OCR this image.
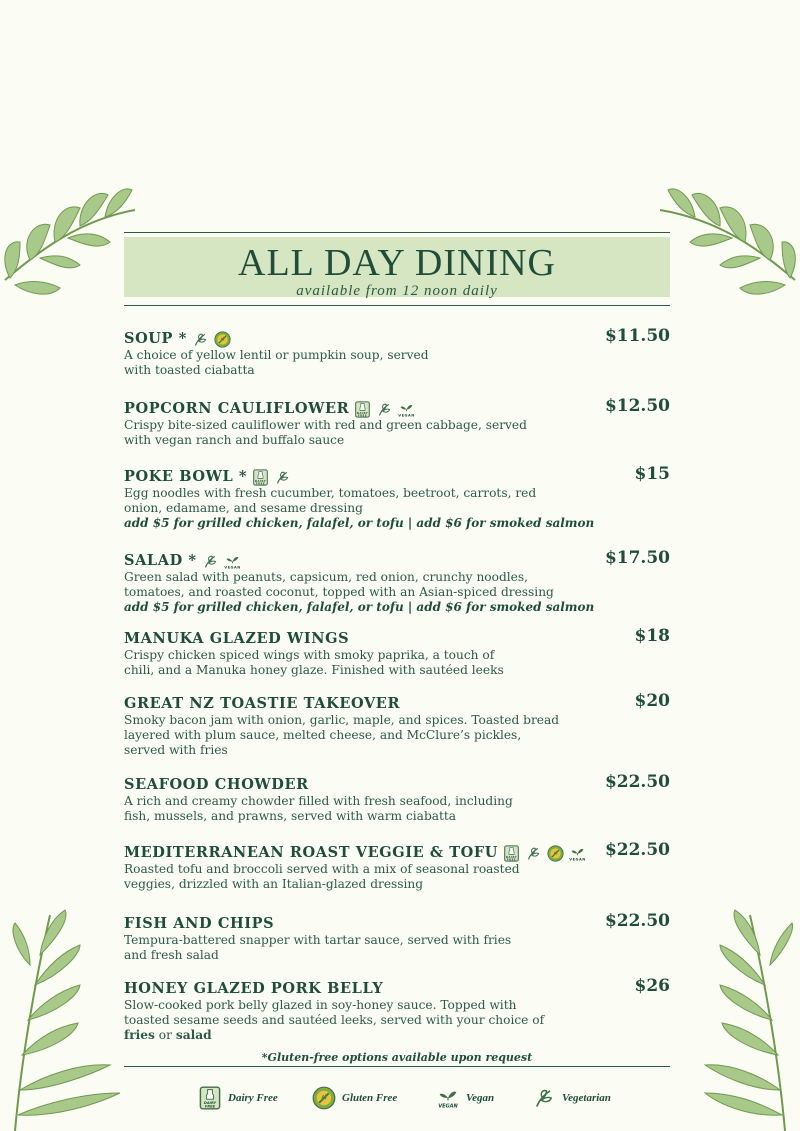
ALL DAY DINING
available from 12 noon daily
SOUP *
A choice of yellow lentil or pumpkin soup, served
with toasted ciabatta
$11.50
POPCORN CAULIFLOWER	DAIRY
FREE	VEGAN
Crispy bite-sized cauliflower with red and green cabbage, served
with vegan ranch and buffalo sauce
$12.50
POKE BOWL *	DAIRY
FREE
Egg noodles with fresh cucumber, tomatoes, beetroot, carrots, red
onion, edamame, and sesame dressing
add $5 for grilled chicken, falafel, or tofu | add $6 for smoked salmon
$15
SALAD *	VEGAN
Green salad with peanuts, capsicum, red onion, crunchy noodles,
tomatoes, and roasted coconut, topped with an Asian-spiced dressing
add $5 for grilled chicken, falafel, or tofu | add $6 for smoked salmon
$17.50
MANUKA GLAZED WINGS
Crispy chicken spiced wings with smoky paprika, a touch of
chili, and a Manuka honey glaze. Finished with sautéed leeks
$18
GREAT NZ TOASTIE TAKEOVER
Smoky bacon jam with onion, garlic, maple, and spices. Toasted bread
layered with plum sauce, melted cheese, and McClure’s pickles,
served with fries
$20
SEAFOOD CHOWDER
A rich and creamy chowder filled with fresh seafood, including
fish, mussels, and prawns, served with warm ciabatta
$22.50
MEDITERRANEAN ROAST VEGGIE & TOFU	DAIRY
FREE	VEGAN
Roasted tofu and broccoli served with a mix of seasonal roasted
veggies, drizzled with an Italian-glazed dressing
$22.50
FISH AND CHIPS
Tempura-battered snapper with tartar sauce, served with fries
and fresh salad
$22.50
HONEY GLAZED PORK BELLY
Slow-cooked pork belly glazed in soy-honey sauce. Topped with
toasted sesame seeds and sautéed leeks, served with your choice of
fries or salad
$26
*Gluten-free options available upon request
DAIRY
FREE
Dairy Free	Gluten Free
VEGAN
Vegan	Vegetarian
